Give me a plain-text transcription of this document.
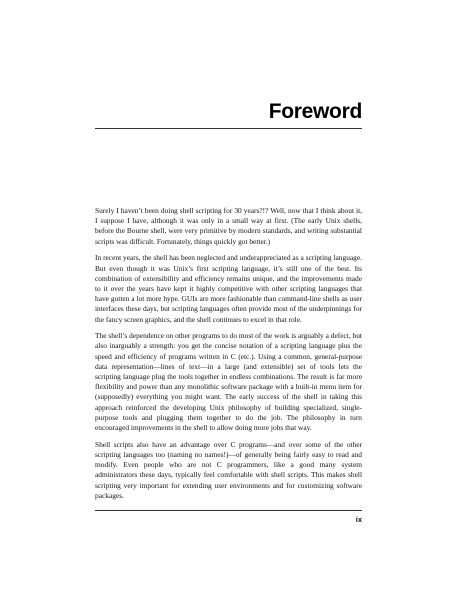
Foreword

Surely I haven’t been doing shell scripting for 30 years?!? Well, now that I think about it, I suppose I have, although it was only in a small way at first. (The early Unix shells, before the Bourne shell, were very primitive by modern standards, and writing substantial scripts was difficult. Fortunately, things quickly got better.)

In recent years, the shell has been neglected and underappreciated as a scripting language. But even though it was Unix’s first scripting language, it’s still one of the best. Its combination of extensibility and efficiency remains unique, and the improvements made to it over the years have kept it highly competitive with other scripting languages that have gotten a lot more hype. GUIs are more fashionable than command-line shells as user interfaces these days, but scripting languages often provide most of the underpinnings for the fancy screen graphics, and the shell continues to excel in that role.

The shell’s dependence on other programs to do most of the work is arguably a defect, but also inarguably a strength: you get the concise notation of a scripting language plus the speed and efficiency of programs written in C (etc.). Using a common, general-purpose data representation—lines of text—in a large (and extensible) set of tools lets the scripting language plug the tools together in endless combinations. The result is far more flexibility and power than any monolithic software package with a built-in menu item for (supposedly) everything you might want. The early success of the shell in taking this approach reinforced the developing Unix philosophy of building specialized, single-purpose tools and plugging them together to do the job. The philosophy in turn encouraged improvements in the shell to allow doing more jobs that way.

Shell scripts also have an advantage over C programs—and over some of the other scripting languages too (naming no names!)—of generally being fairly easy to read and modify. Even people who are not C programmers, like a good many system administrators these days, typically feel comfortable with shell scripts. This makes shell scripting very important for extending user environments and for customizing software packages.

ix
